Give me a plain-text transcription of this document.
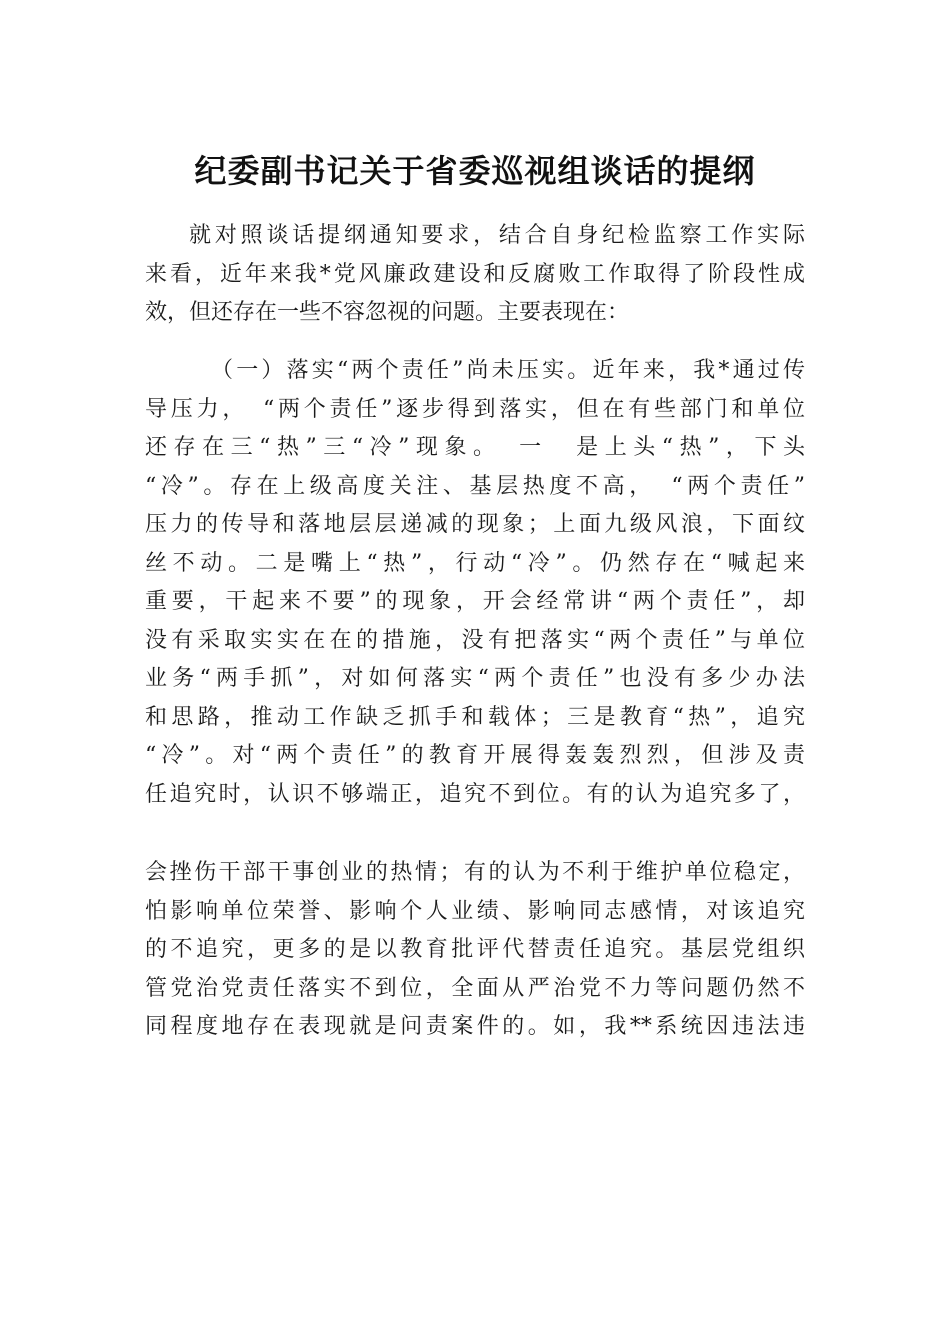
纪委副书记关于省委巡视组谈话的提纲
就对照谈话提纲通知要求，结合自身纪检监察工作实际
来看，近年来我*党风廉政建设和反腐败工作取得了阶段性成
效，但还存在一些不容忽视的问题。主要表现在：
（一）落实“两个责任”尚未压实。近年来，我*通过传
导压力，　“两个责任”逐步得到落实，但在有些部门和单位
还存在三“热”三“冷”现象。　一　是上头“热”，下头
“冷”。存在上级高度关注、基层热度不高，　“两个责任”
压力的传导和落地层层递减的现象；上面九级风浪，下面纹
丝不动。二是嘴上“热”，行动“冷”。仍然存在“喊起来
重要，干起来不要”的现象，开会经常讲“两个责任”，却
没有采取实实在在的措施，没有把落实“两个责任”与单位
业务“两手抓”，对如何落实“两个责任”也没有多少办法
和思路，推动工作缺乏抓手和载体；三是教育“热”，追究
“冷”。对“两个责任”的教育开展得轰轰烈烈，但涉及责
任追究时，认识不够端正，追究不到位。有的认为追究多了，
会挫伤干部干事创业的热情；有的认为不利于维护单位稳定，
怕影响单位荣誉、影响个人业绩、影响同志感情，对该追究
的不追究，更多的是以教育批评代替责任追究。基层党组织
管党治党责任落实不到位，全面从严治党不力等问题仍然不
同程度地存在表现就是问责案件的。如，我**系统因违法违
